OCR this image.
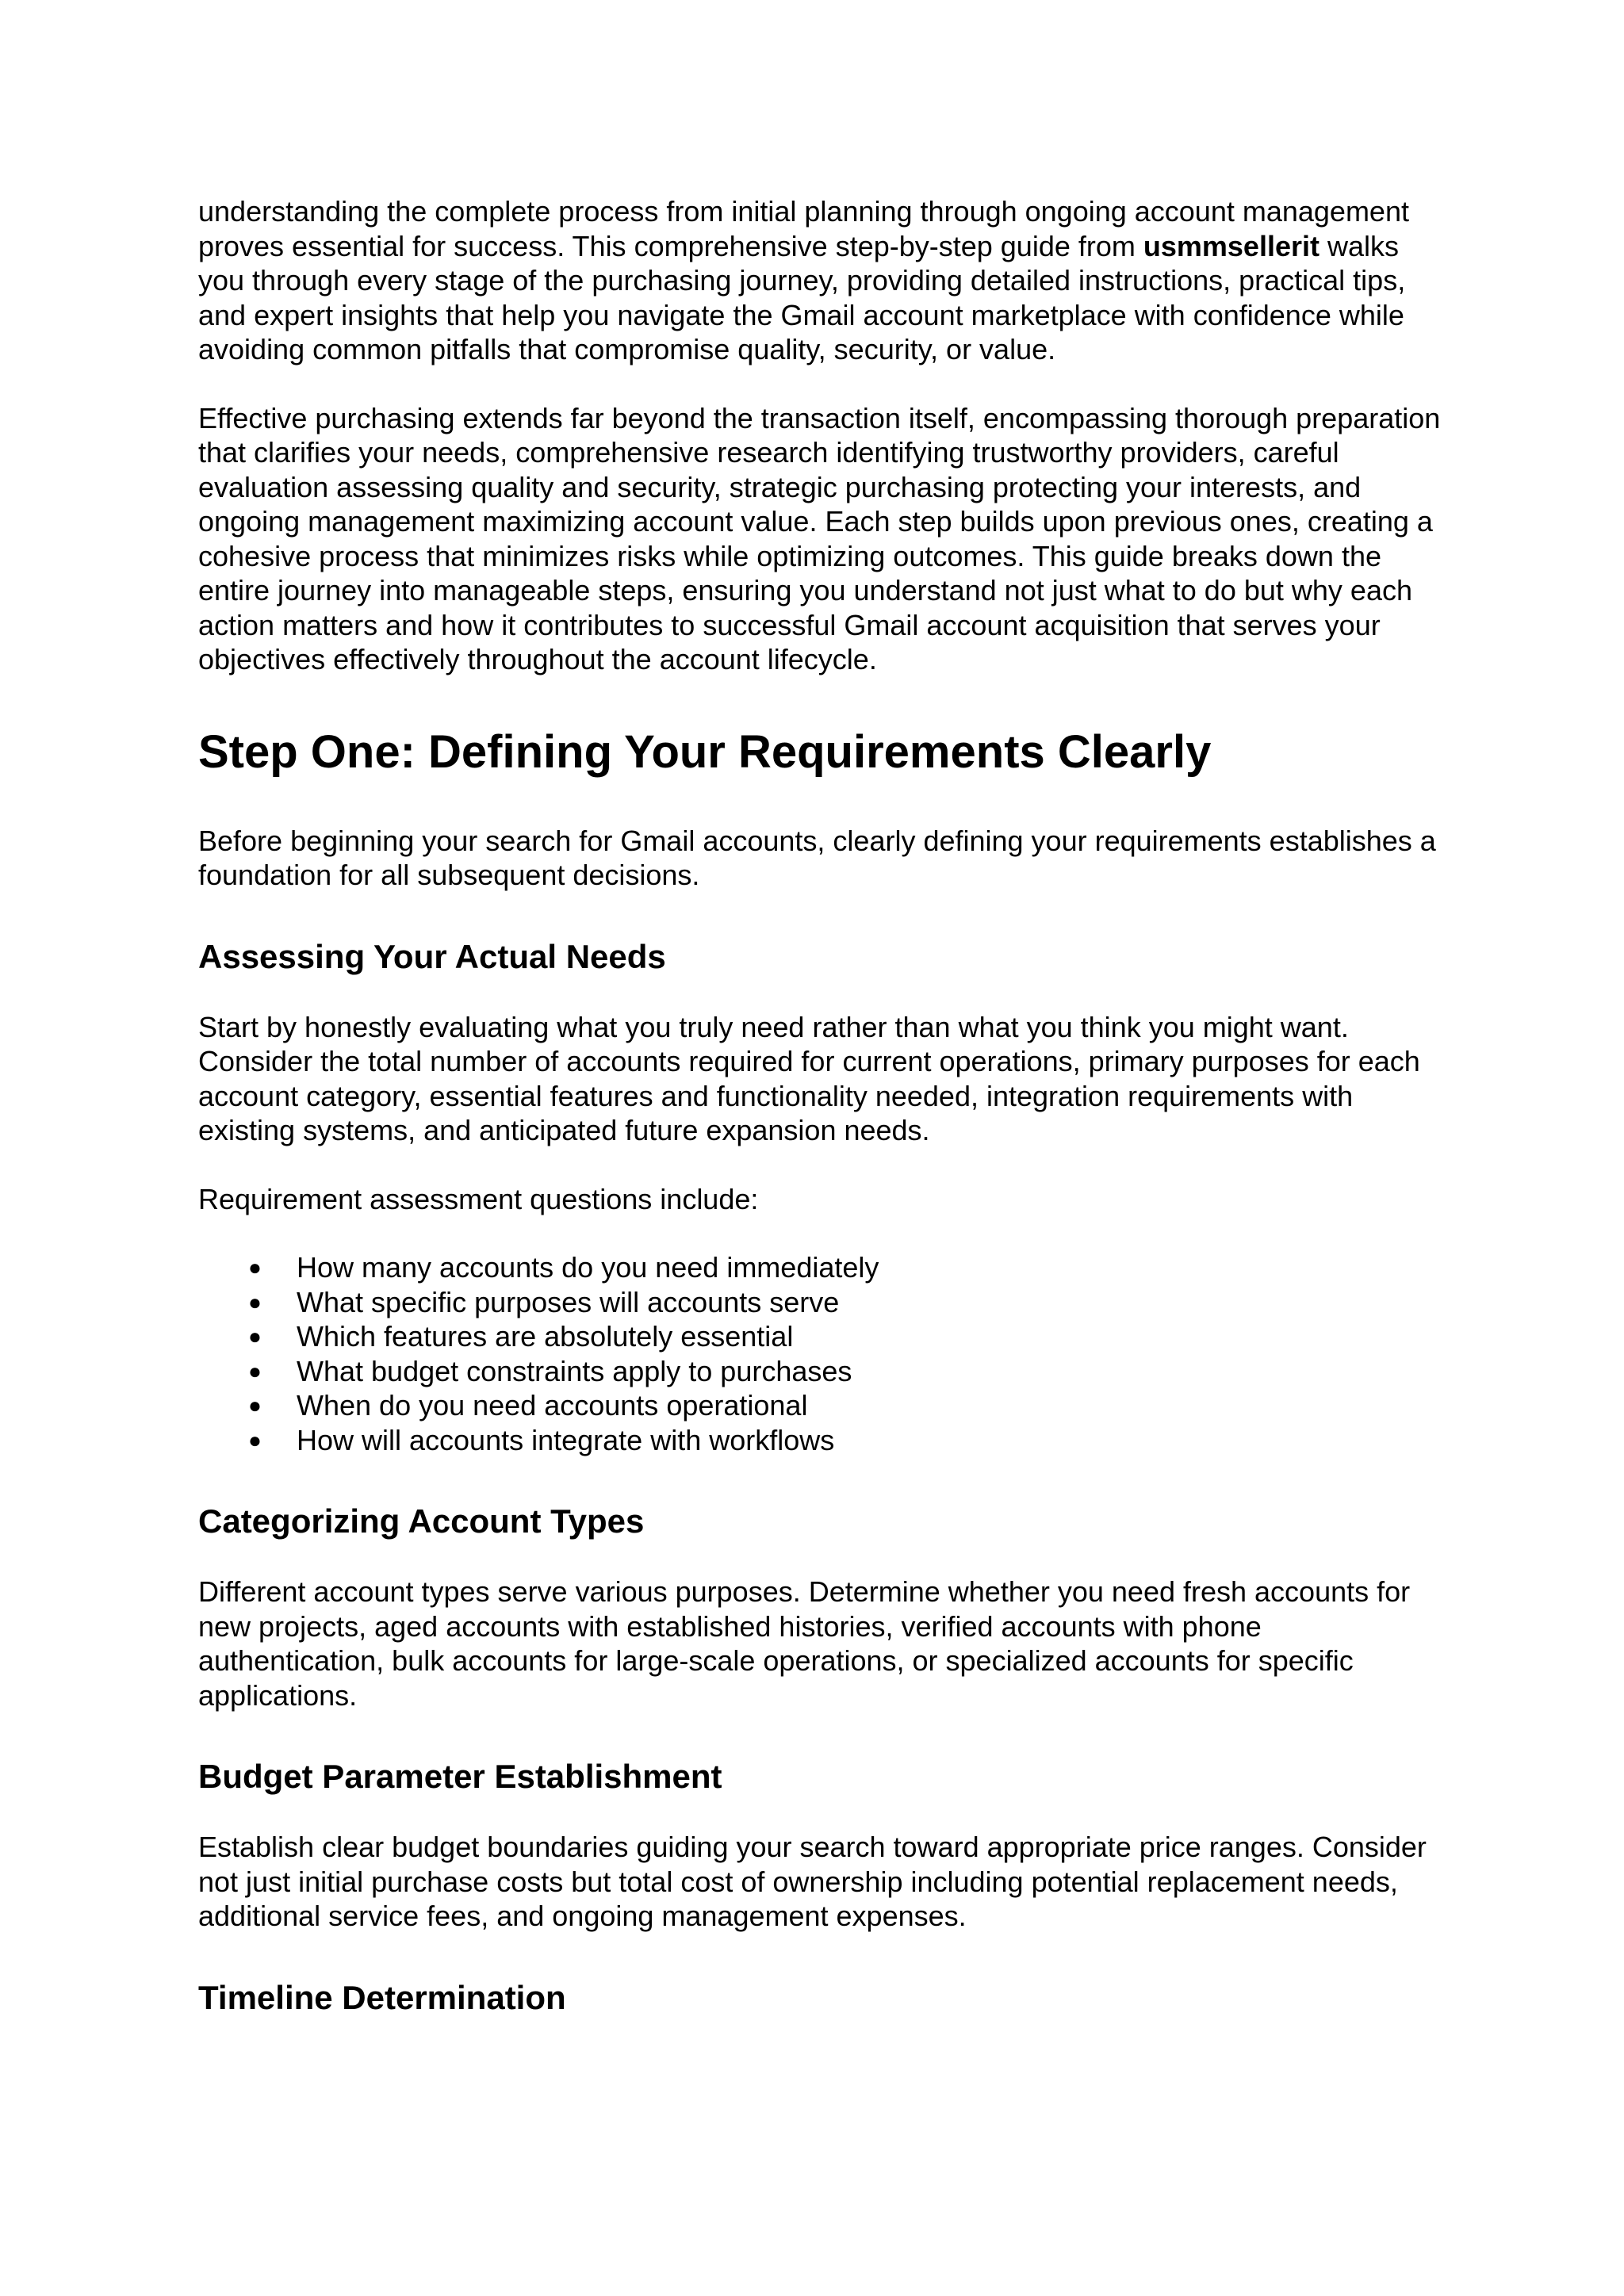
understanding the complete process from initial planning through ongoing account management proves essential for success. This comprehensive step-by-step guide from usmmsellerit walks you through every stage of the purchasing journey, providing detailed instructions, practical tips, and expert insights that help you navigate the Gmail account marketplace with confidence while avoiding common pitfalls that compromise quality, security, or value.

Effective purchasing extends far beyond the transaction itself, encompassing thorough preparation that clarifies your needs, comprehensive research identifying trustworthy providers, careful evaluation assessing quality and security, strategic purchasing protecting your interests, and ongoing management maximizing account value. Each step builds upon previous ones, creating a cohesive process that minimizes risks while optimizing outcomes. This guide breaks down the entire journey into manageable steps, ensuring you understand not just what to do but why each action matters and how it contributes to successful Gmail account acquisition that serves your objectives effectively throughout the account lifecycle.

Step One: Defining Your Requirements Clearly

Before beginning your search for Gmail accounts, clearly defining your requirements establishes a foundation for all subsequent decisions.

Assessing Your Actual Needs

Start by honestly evaluating what you truly need rather than what you think you might want. Consider the total number of accounts required for current operations, primary purposes for each account category, essential features and functionality needed, integration requirements with existing systems, and anticipated future expansion needs.

Requirement assessment questions include:

● How many accounts do you need immediately
● What specific purposes will accounts serve
● Which features are absolutely essential
● What budget constraints apply to purchases
● When do you need accounts operational
● How will accounts integrate with workflows
Categorizing Account Types

Different account types serve various purposes. Determine whether you need fresh accounts for new projects, aged accounts with established histories, verified accounts with phone authentication, bulk accounts for large-scale operations, or specialized accounts for specific applications.

Budget Parameter Establishment

Establish clear budget boundaries guiding your search toward appropriate price ranges. Consider not just initial purchase costs but total cost of ownership including potential replacement needs, additional service fees, and ongoing management expenses.

Timeline Determination
